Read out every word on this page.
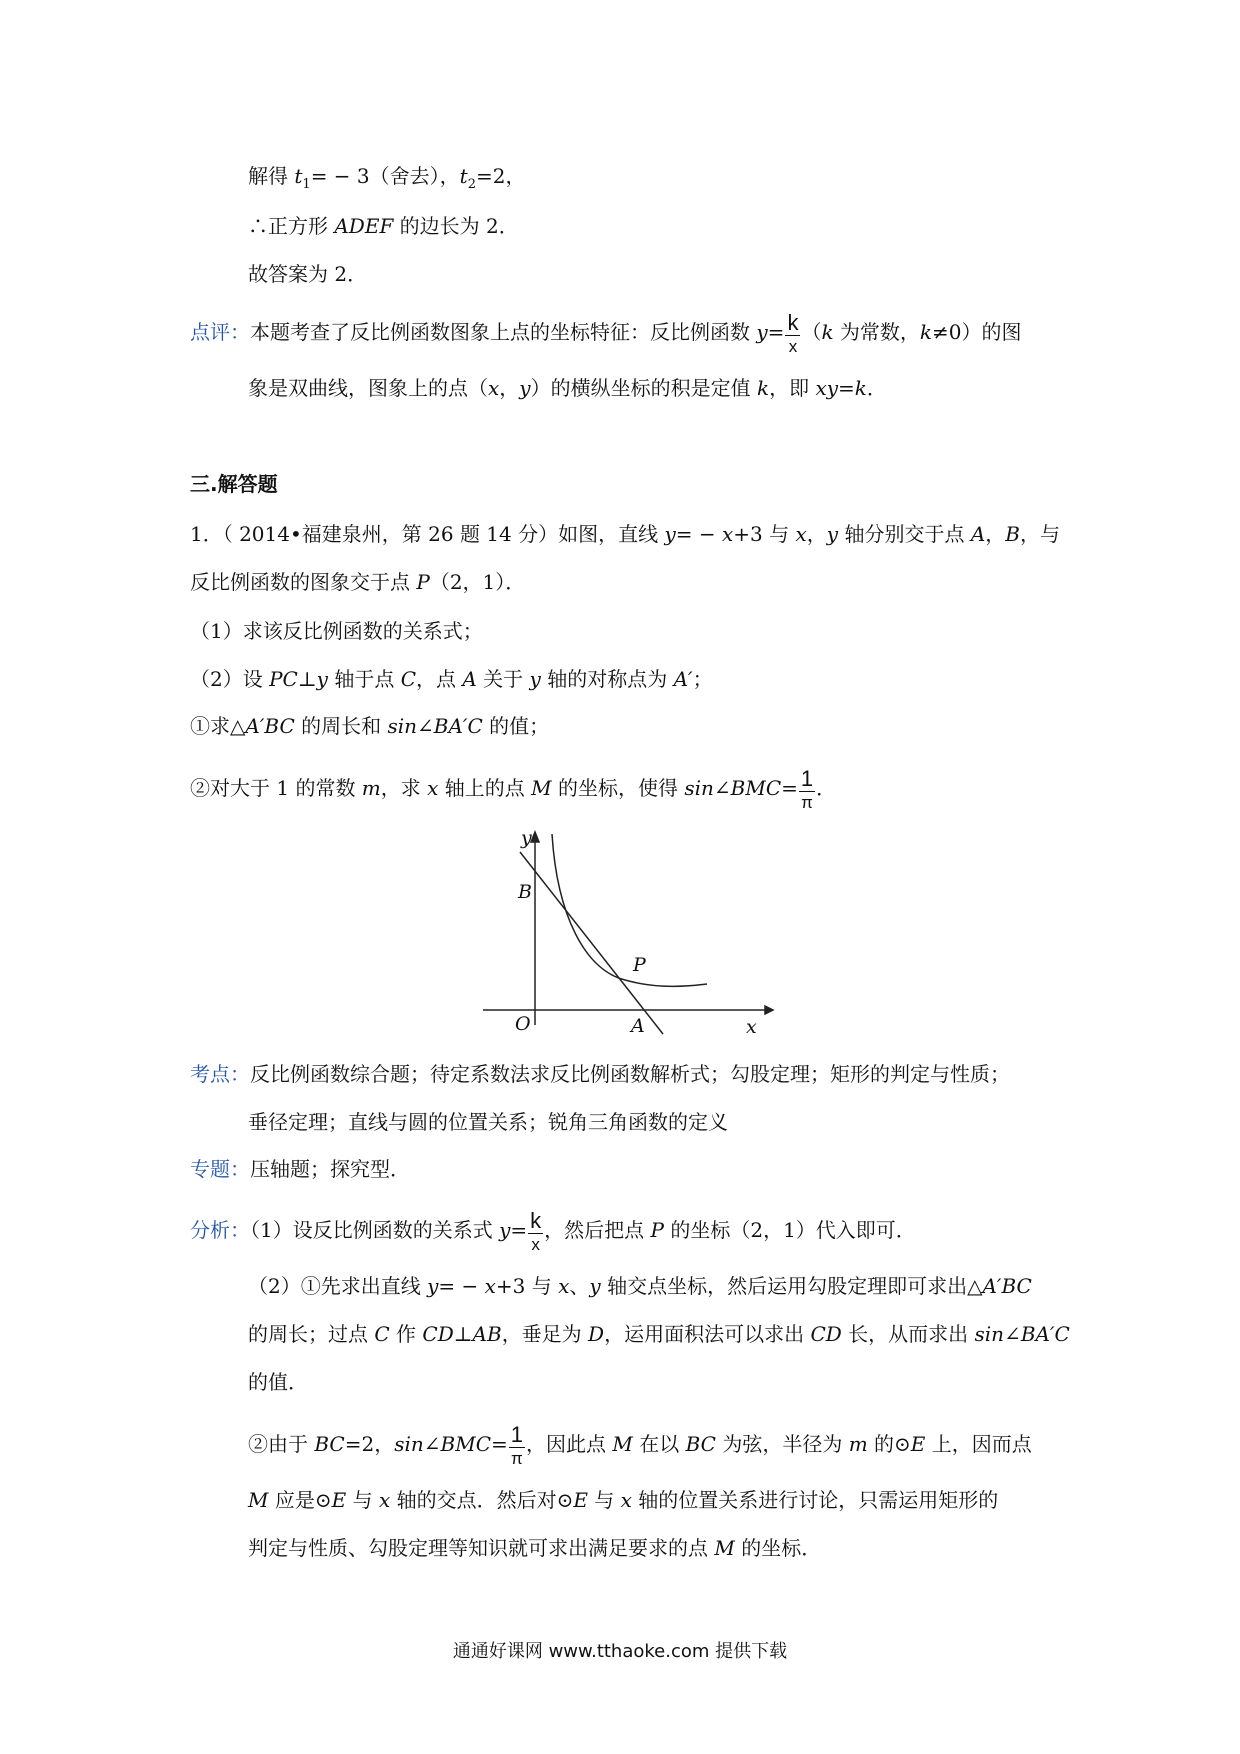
解得 $t_1= - 3$（舍去），$t_2=2$，
∴正方形 ADEF 的边长为 2．
故答案为 2．
点评：本题考查了反比例函数图象上点的坐标特征：反比例函数 $y= \frac{k}{x} (k$ 为常数，k≠0）的图
象是双曲线，图象上的点（x，y）的横纵坐标的积是定值 k，即 xy=k．
三.解答题
1．（ 2014•福建泉州，第 26 题 14 分）如图，直线 y= − x+3 与 x，y 轴分别交于点 A，B，与
反比例函数的图象交于点 P（2，1）．
（1）求该反比例函数的关系式；
（2）设 PC⊥y 轴于点 C，点 A 关于 y 轴的对称点为 A′；
①求△A′BC 的周长和 sin∠BA′C 的值；
②对大于 1 的常数 m，求 x 轴上的点 M 的坐标，使得 sin∠BMC= $\frac{1}{\pi}$ ．
y
B
P
O	A	x
考点：反比例函数综合题；待定系数法求反比例函数解析式；勾股定理；矩形的判定与性质；
垂径定理；直线与圆的位置关系；锐角三角函数的定义
专题：压轴题；探究型．
分析：（1）设反比例函数的关系式 $y= \frac{k}{x}$ ，然后把点 P 的坐标（2，1）代入即可．
（2）①先求出直线 y= − x+3 与 x、y 轴交点坐标，然后运用勾股定理即可求出△A′BC
的周长；过点 C 作 CD⊥AB，垂足为 D，运用面积法可以求出 CD 长，从而求出 sin∠BA′C
的值．
②由于 BC=2，sin∠BMC= $\frac{1}{\pi}$ ，因此点 M 在以 BC 为弦，半径为 m 的⊙E 上，因而点
M 应是⊙E 与 x 轴的交点．然后对⊙E 与 x 轴的位置关系进行讨论，只需运用矩形的
判定与性质、勾股定理等知识就可求出满足要求的点 M 的坐标．
通通好课网 www.tthaoke.com 提供下载
